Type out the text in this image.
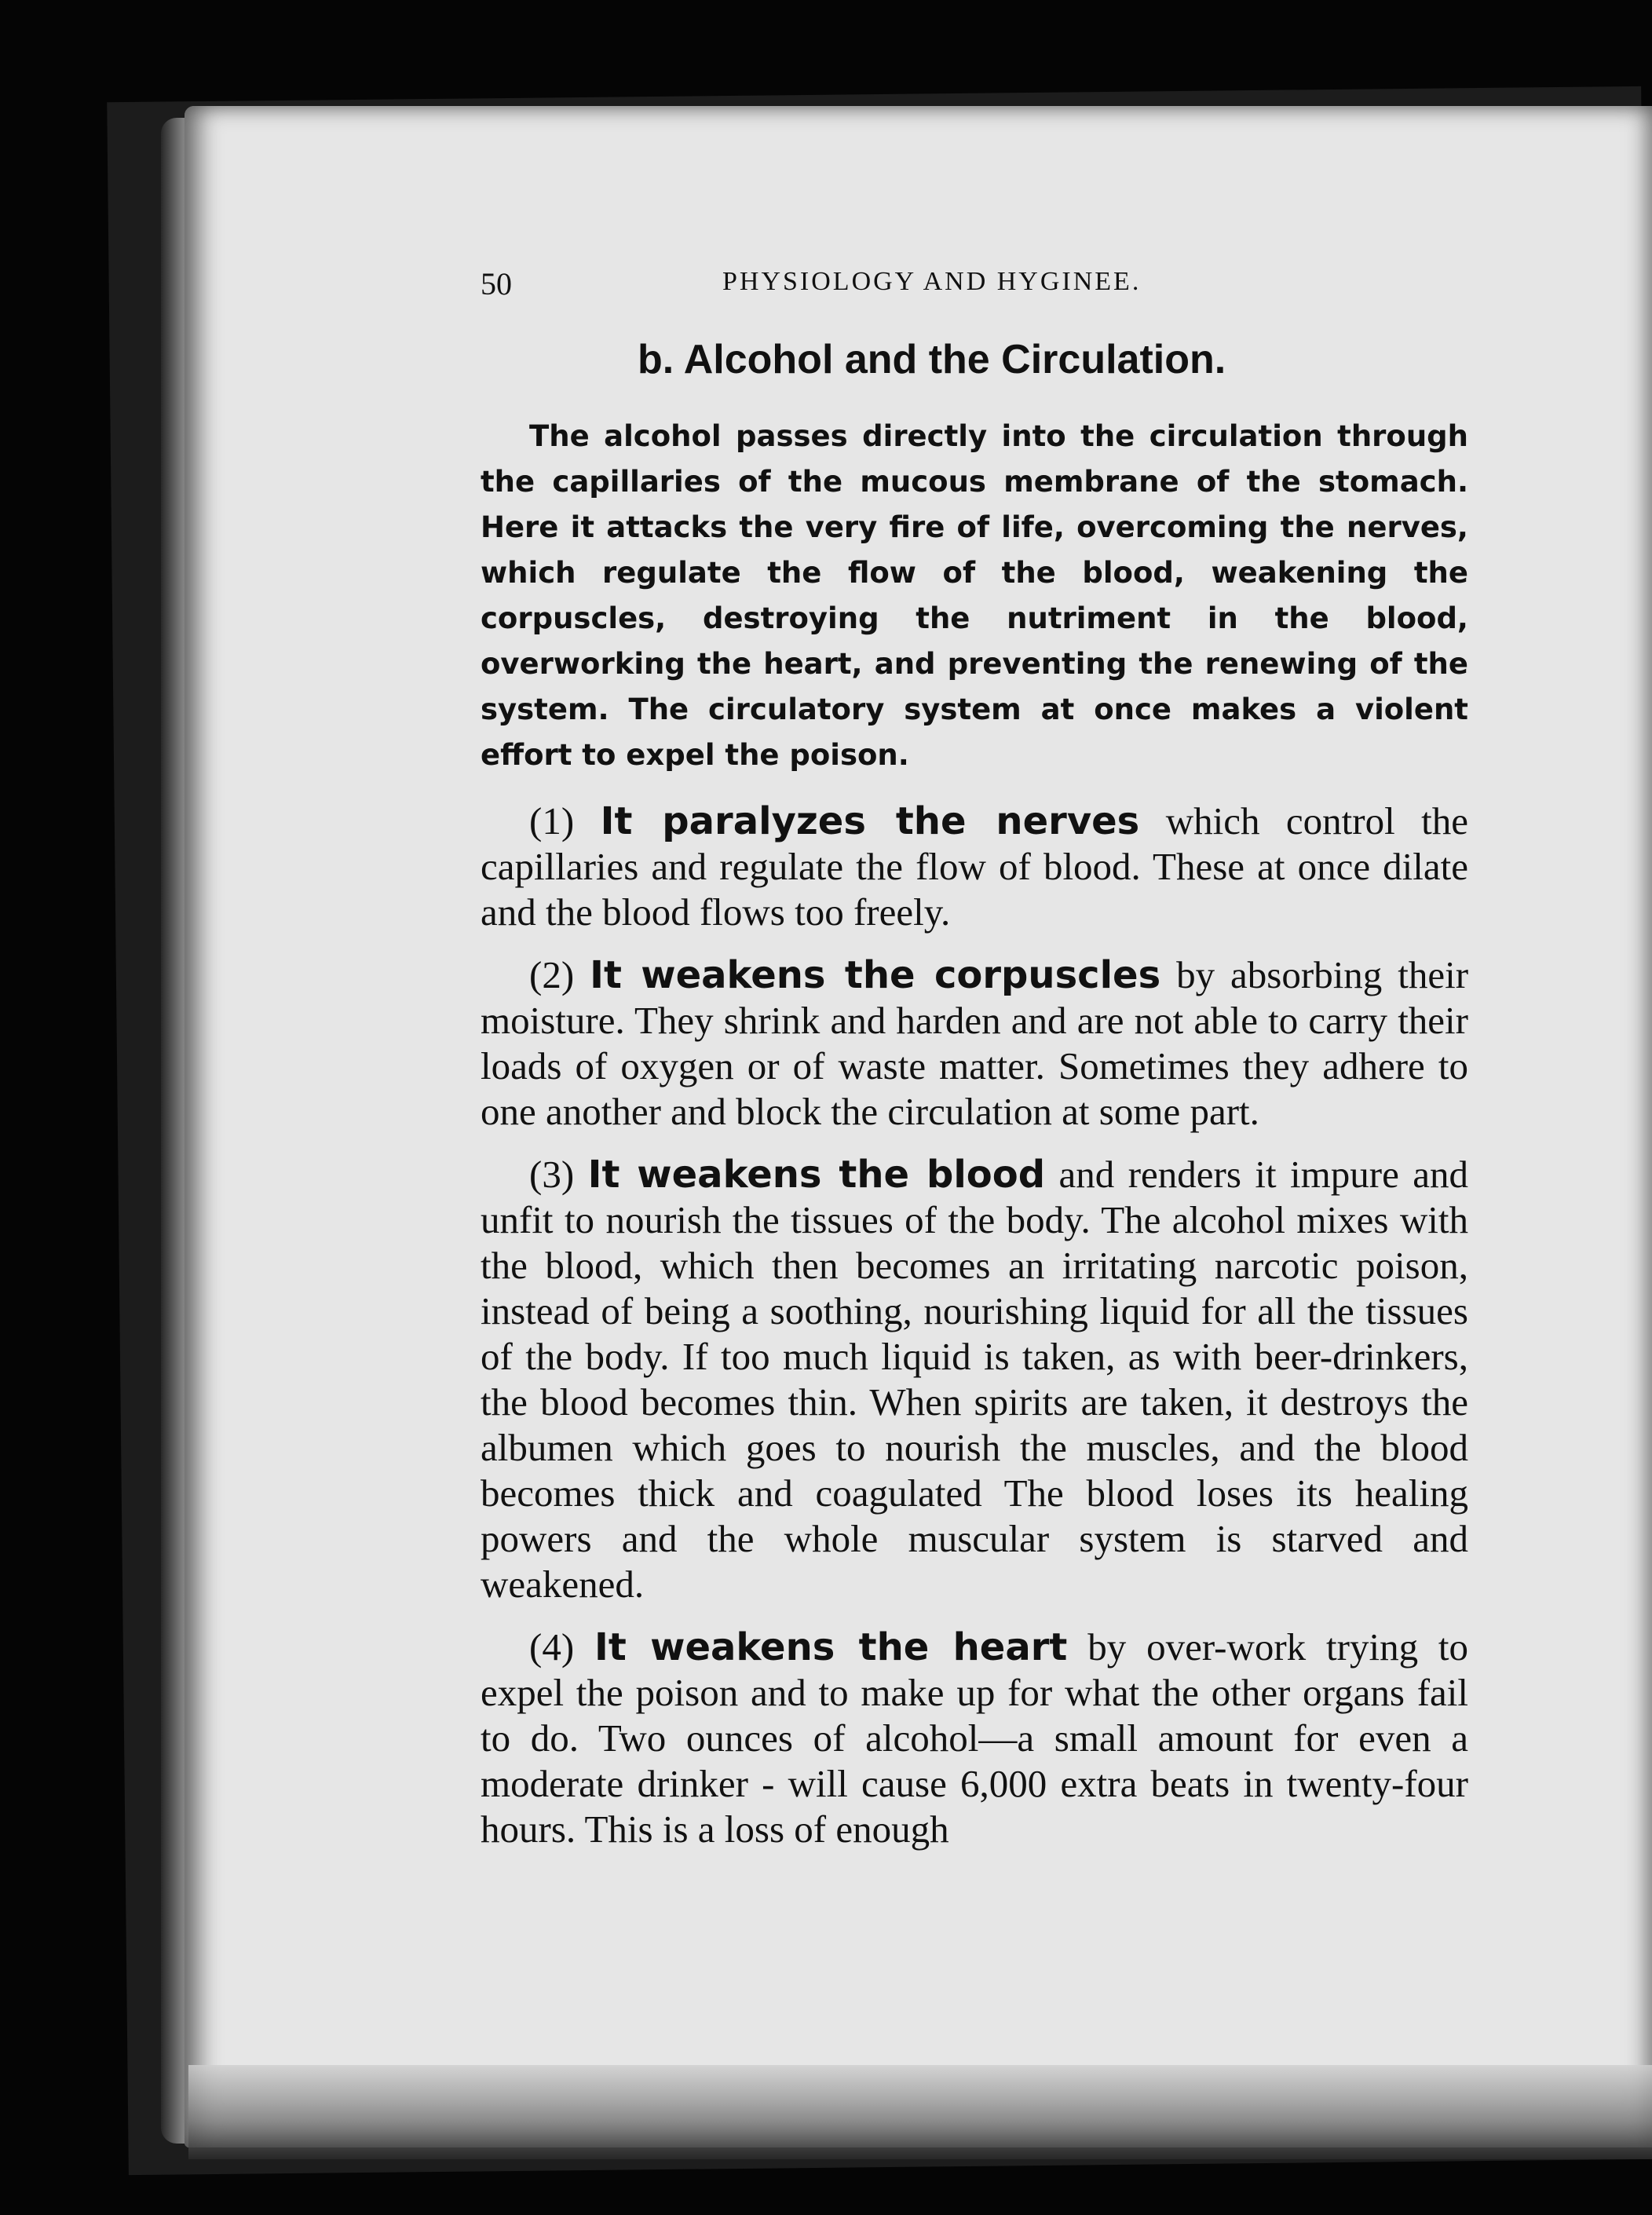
50	PHYSIOLOGY AND HYGINEE.
b. Alcohol and the Circulation.

The alcohol passes directly into the circulation through the capillaries of the mucous membrane of the stomach. Here it attacks the very fire of life, overcoming the nerves, which regulate the flow of the blood, weakening the corpuscles, destroying the nutriment in the blood, overworking the heart, and preventing the renewing of the system. The circulatory system at once makes a violent effort to expel the poison.

(1) It paralyzes the nerves which control the capillaries and regulate the flow of blood. These at once dilate and the blood flows too freely.

(2) It weakens the corpuscles by absorbing their moisture. They shrink and harden and are not able to carry their loads of oxygen or of waste matter. Sometimes they adhere to one another and block the circulation at some part.

(3) It weakens the blood and renders it impure and unfit to nourish the tissues of the body. The alcohol mixes with the blood, which then becomes an irritating narcotic poison, instead of being a soothing, nourishing liquid for all the tissues of the body. If too much liquid is taken, as with beer-drinkers, the blood becomes thin. When spirits are taken, it destroys the albumen which goes to nourish the muscles, and the blood becomes thick and coagulated The blood loses its healing powers and the whole muscular system is starved and weakened.

(4) It weakens the heart by over-work trying to expel the poison and to make up for what the other organs fail to do. Two ounces of alcohol—a small amount for even a moderate drinker - will cause 6,000 extra beats in twenty-four hours. This is a loss of enough
